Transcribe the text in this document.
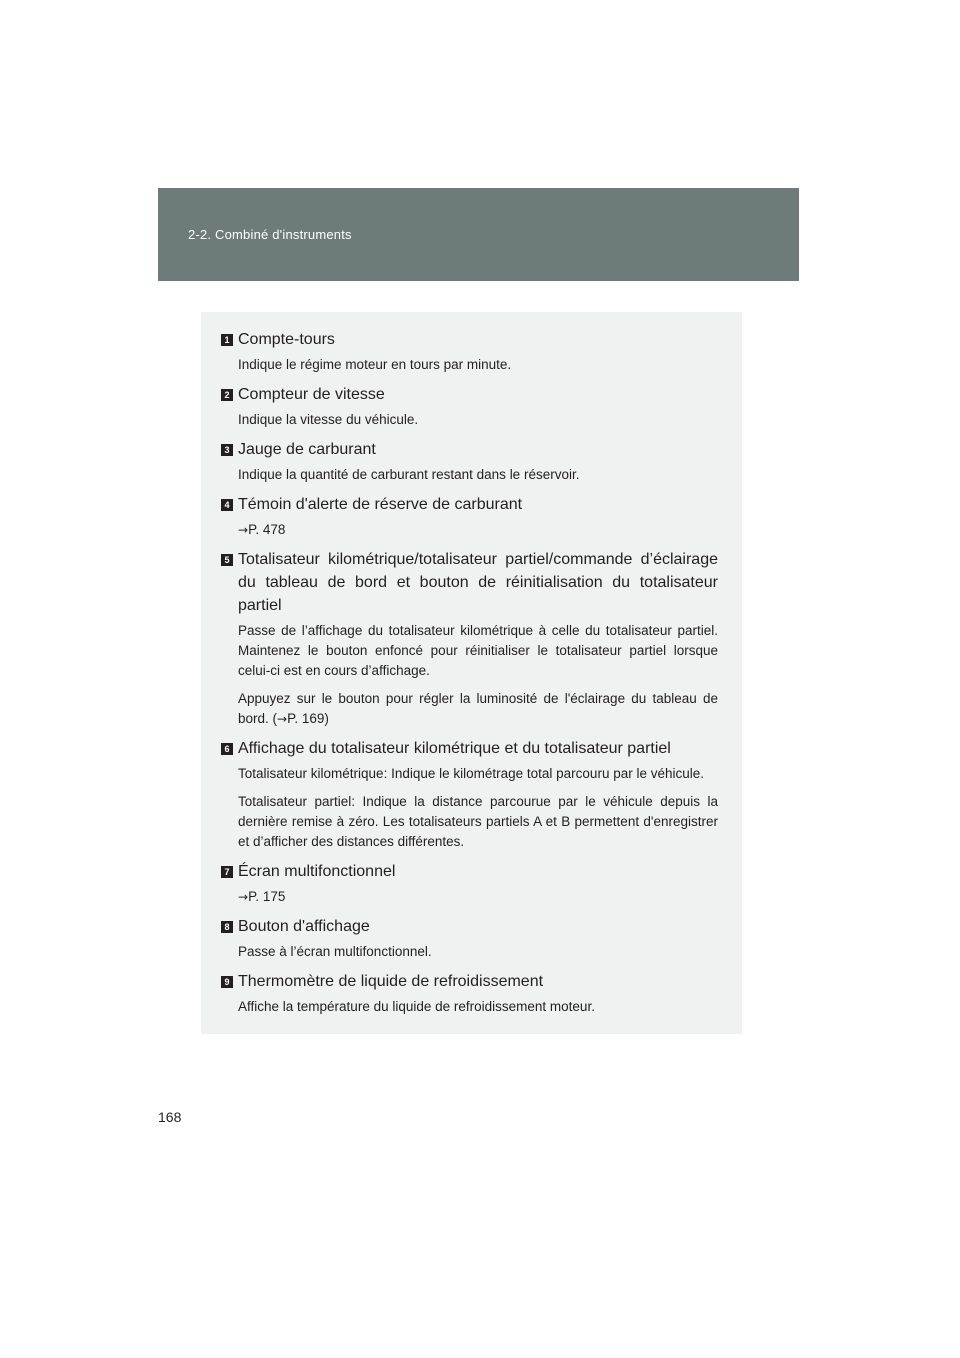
2-2. Combiné d'instruments
1 Compte-tours

Indique le régime moteur en tours par minute.

2 Compteur de vitesse

Indique la vitesse du véhicule.

3 Jauge de carburant

Indique la quantité de carburant restant dans le réservoir.

4 Témoin d'alerte de réserve de carburant

→P. 478

5 Totalisateur kilométrique/totalisateur partiel/commande d’éclairage du tableau de bord et bouton de réinitialisation du totalisateur partiel

Passe de l’affichage du totalisateur kilométrique à celle du totalisateur partiel. Maintenez le bouton enfoncé pour réinitialiser le totalisateur partiel lorsque celui-ci est en cours d’affichage.

Appuyez sur le bouton pour régler la luminosité de l'éclairage du tableau de bord. (→P. 169)

6 Affichage du totalisateur kilométrique et du totalisateur partiel

Totalisateur kilométrique: Indique le kilométrage total parcouru par le véhicule.

Totalisateur partiel: Indique la distance parcourue par le véhicule depuis la dernière remise à zéro. Les totalisateurs partiels A et B permettent d'enregistrer et d’afficher des distances différentes.

7 Écran multifonctionnel

→P. 175

8 Bouton d'affichage

Passe à l’écran multifonctionnel.

9 Thermomètre de liquide de refroidissement

Affiche la température du liquide de refroidissement moteur.

168
